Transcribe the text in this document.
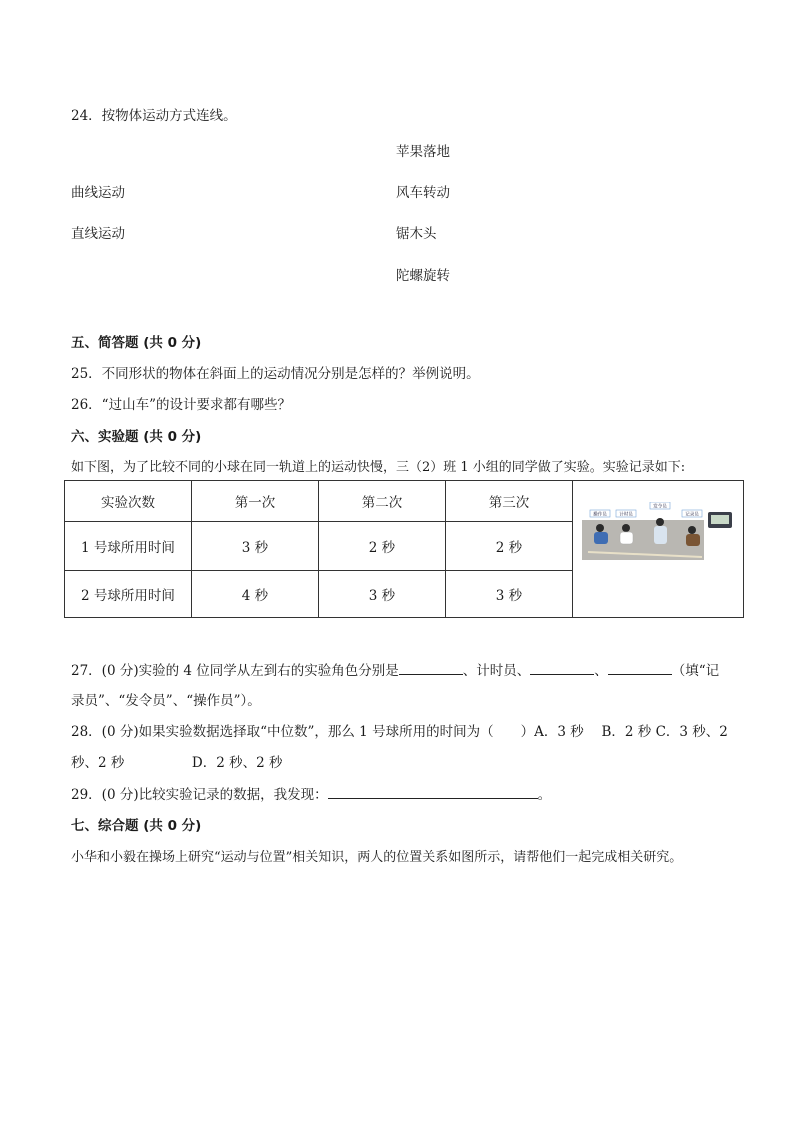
24．按物体运动方式连线。
苹果落地
曲线运动	风车转动
直线运动	锯木头
陀螺旋转
五、简答题 (共 0 分)
25．不同形状的物体在斜面上的运动情况分别是怎样的？举例说明。
26．“过山车”的设计要求都有哪些？
六、实验题 (共 0 分)
如下图，为了比较不同的小球在同一轨道上的运动快慢，三（2）班 1 小组的同学做了实验。实验记录如下:
实验次数	第一次	第二次	第三次	
1 号球所用时间	3 秒	2 秒	2 秒	
2 号球所用时间	4 秒	3 秒	3 秒	
操作员	计时员
发令员
记录员
27．(0 分)实验的 4 位同学从左到右的实验角色分别是	、计时员、	、	（填“记
录员”、“发令员”、“操作员”）。
28．(0 分)如果实验数据选择取“中位数”，那么 1 号球所用的时间为（　　）A．3 秒　 B．2 秒 C．3 秒、2
秒、2 秒　　　　　D．2 秒、2 秒
29．(0 分)比较实验记录的数据，我发现：	。
七、综合题 (共 0 分)
小华和小毅在操场上研究“运动与位置”相关知识，两人的位置关系如图所示，请帮他们一起完成相关研究。
